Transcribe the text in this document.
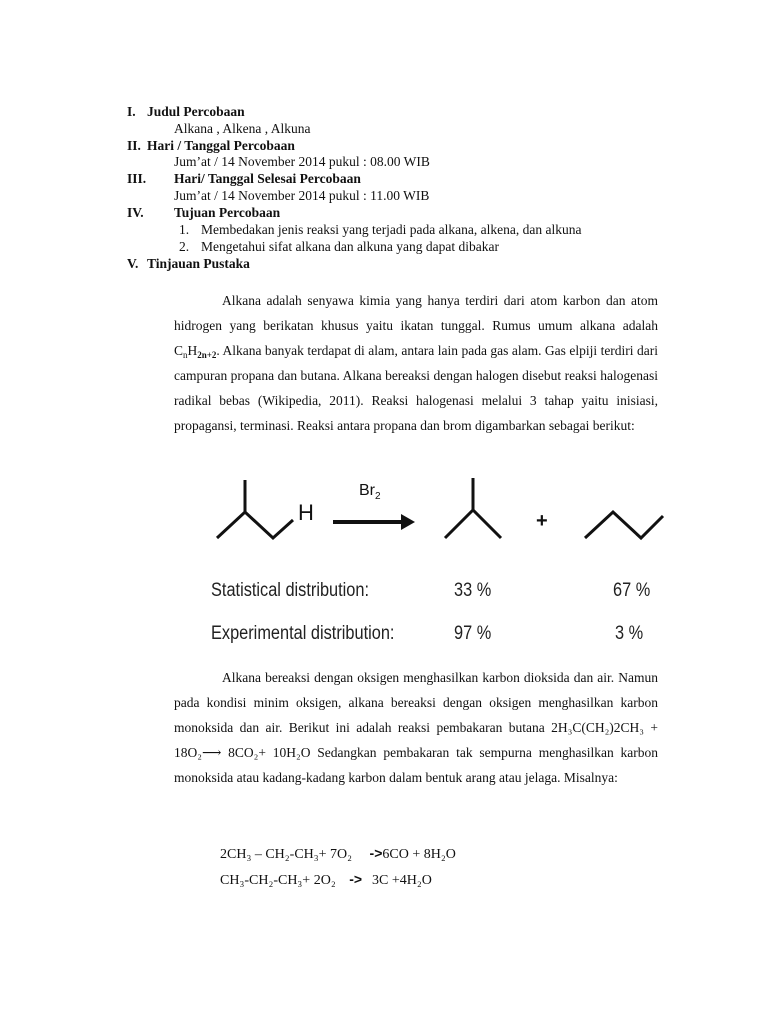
I. Judul Percobaan
Alkana , Alkena , Alkuna
II. Hari / Tanggal Percobaan
Jum’at / 14 November 2014 pukul : 08.00 WIB
III. Hari/ Tanggal Selesai Percobaan
Jum’at / 14 November 2014 pukul : 11.00 WIB
IV. Tujuan Percobaan
1. Membedakan jenis reaksi yang terjadi pada alkana, alkena, dan alkuna
2. Mengetahui sifat alkana dan alkuna yang dapat dibakar
V. Tinjauan Pustaka

Alkana adalah senyawa kimia yang hanya terdiri dari atom karbon dan atom hidrogen yang berikatan khusus yaitu ikatan tunggal. Rumus umum alkana adalah $C_nH_{2n+2}$. Alkana banyak terdapat di alam, antara lain pada gas alam. Gas elpiji terdiri dari campuran propana dan butana. Alkana bereaksi dengan halogen disebut reaksi halogenasi radikal bebas (Wikipedia, 2011). Reaksi halogenasi melalui 3 tahap yaitu inisiasi, propagansi, terminasi. Reaksi antara propana dan brom digambarkan sebagai berikut:

H
$Br_2$
+
Statistical distribution:	33 %	67 %
Experimental distribution:	97 %	3 %

Alkana bereaksi dengan oksigen menghasilkan karbon dioksida dan air. Namun pada kondisi minim oksigen, alkana bereaksi dengan oksigen menghasilkan karbon monoksida dan air. Berikut ini adalah reaksi pembakaran butana 2H₃C(CH₂)2CH₃ + 18O₂⟶ 8CO₂+ 10H₂O Sedangkan pembakaran tak sempurna menghasilkan karbon monoksida atau kadang-kadang karbon dalam bentuk arang atau jelaga. Misalnya:

2CH₃ – CH₂-CH₃+ 7O₂ ->6CO + 8H₂O
CH₃-CH₂-CH₃+ 2O₂ -> 3C +4H₂O
